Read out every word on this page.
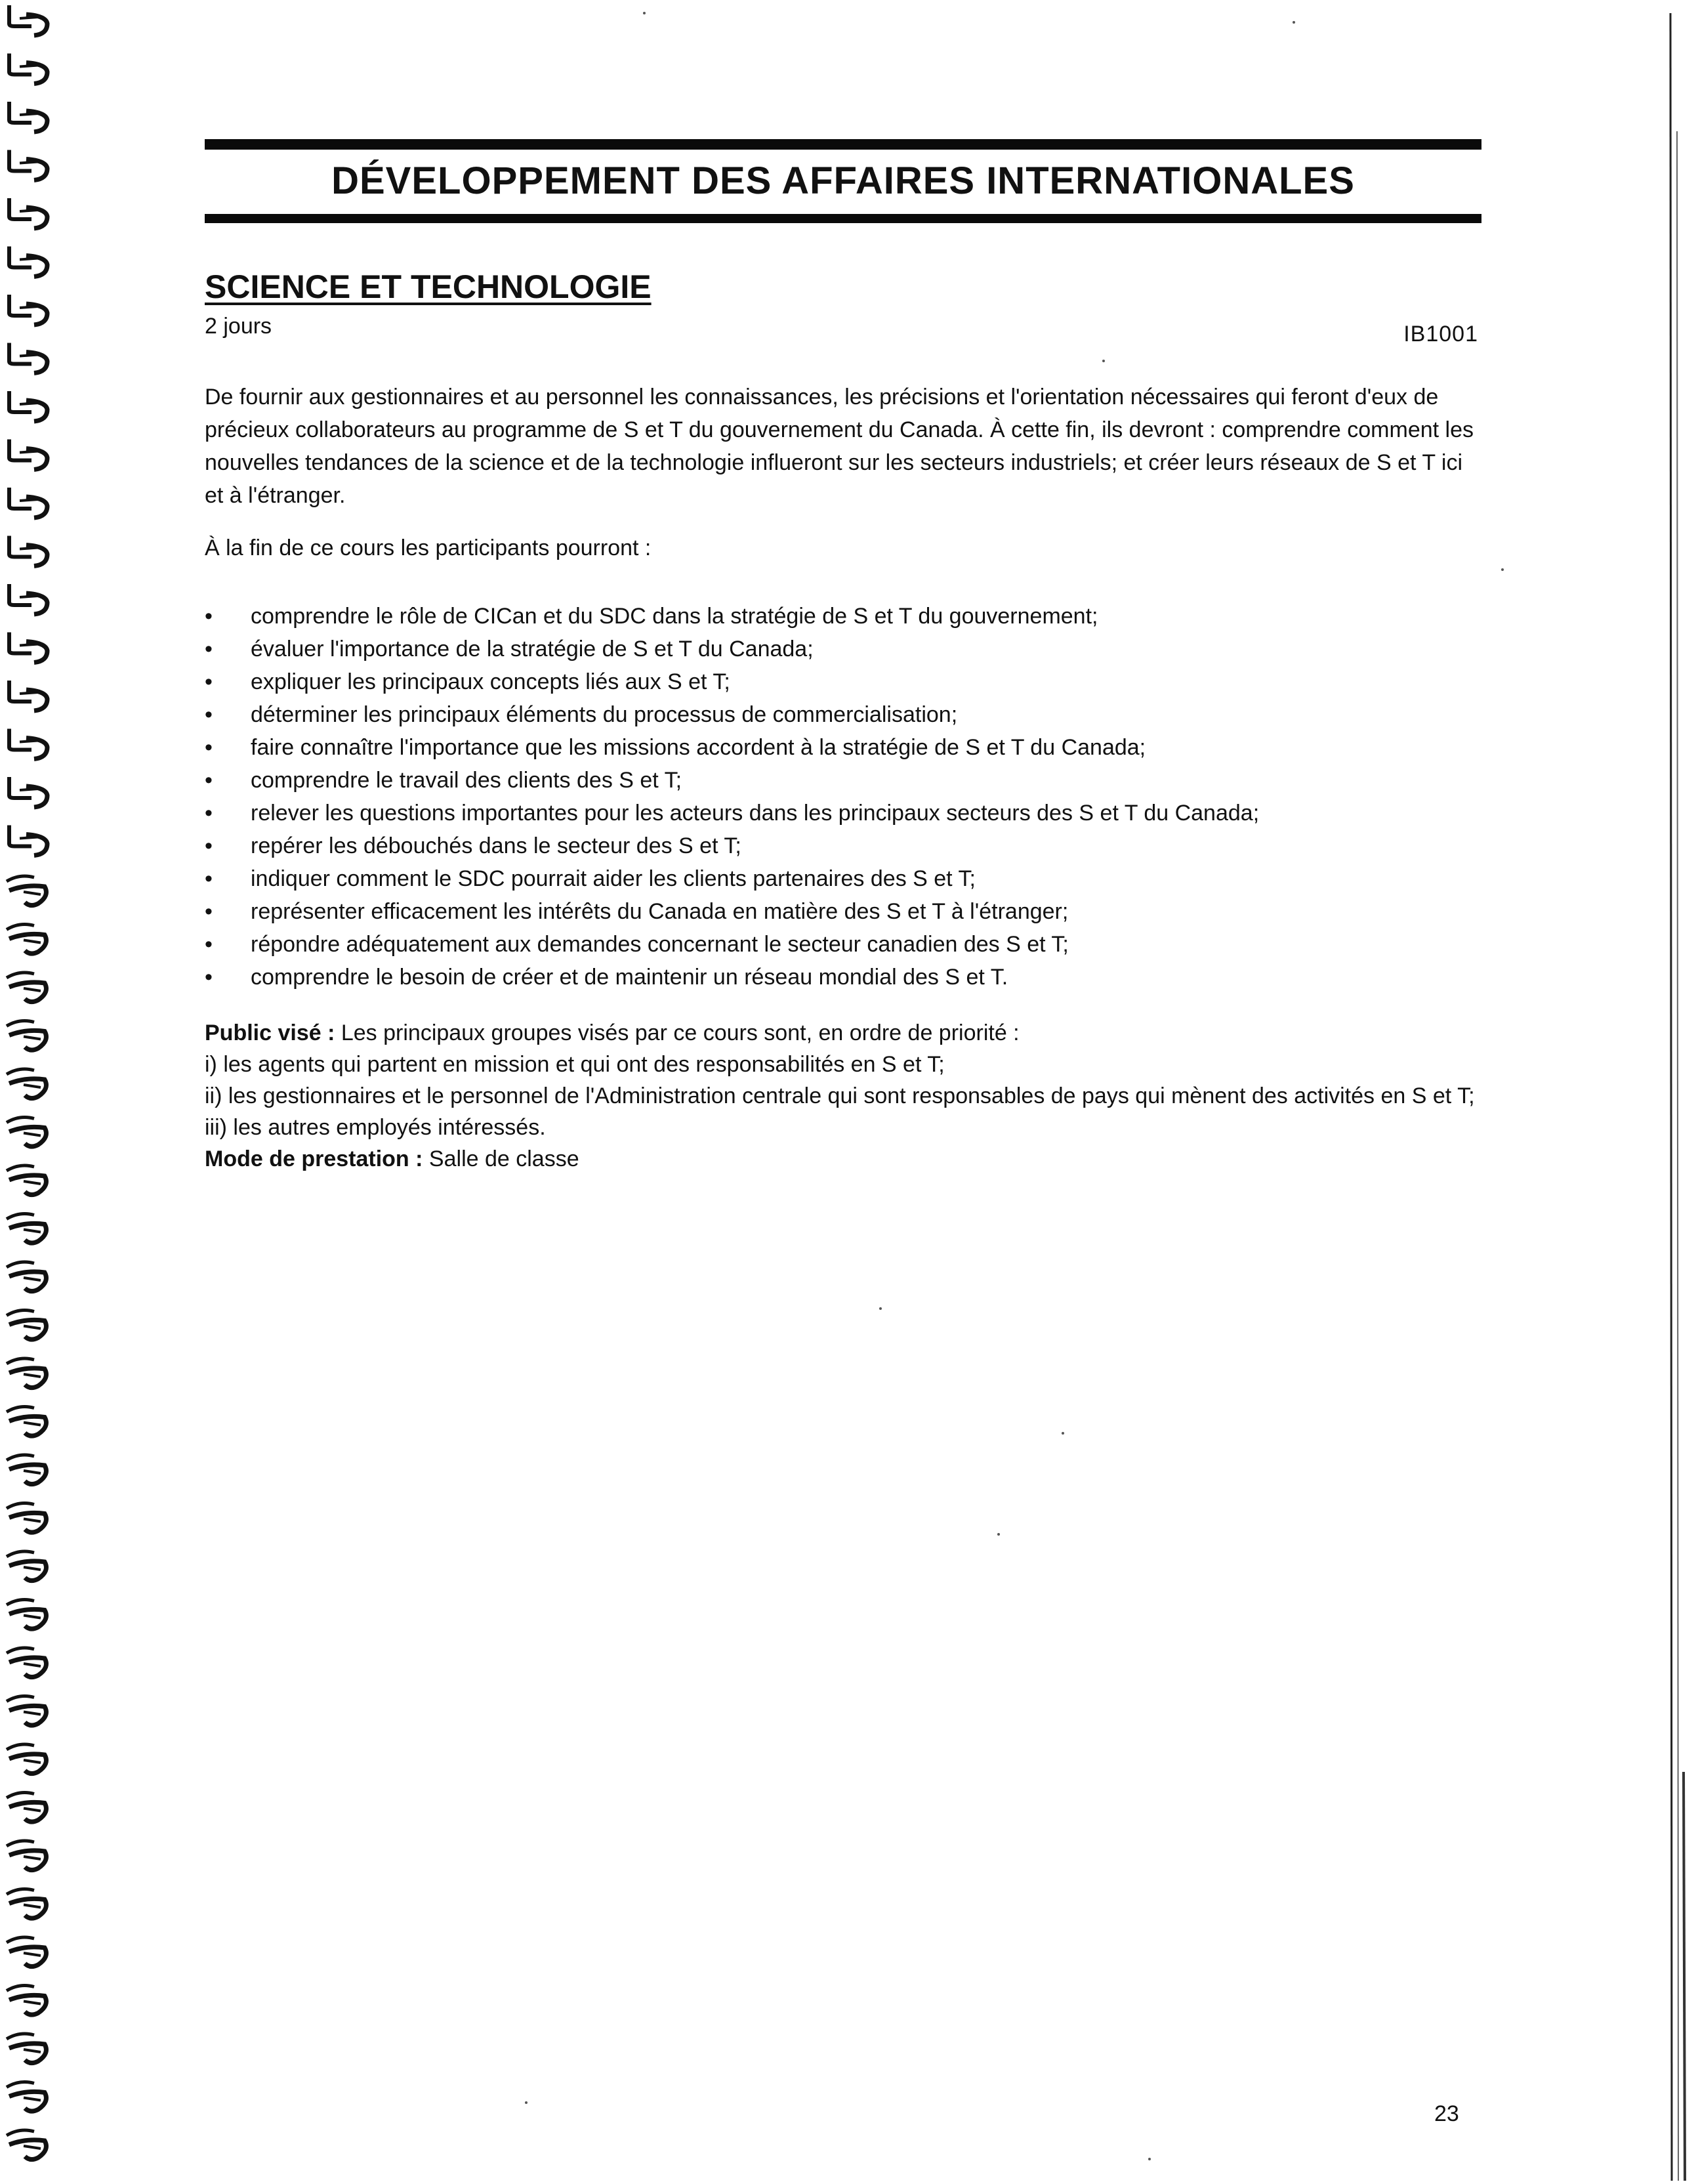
DÉVELOPPEMENT DES AFFAIRES INTERNATIONALES
SCIENCE ET TECHNOLOGIE
2 jours	IB1001

De fournir aux gestionnaires et au personnel les connaissances, les précisions et l'orientation nécessaires qui feront d'eux de précieux collaborateurs au programme de S et T du gouvernement du Canada. À cette fin, ils devront : comprendre comment les nouvelles tendances de la science et de la technologie influeront sur les secteurs industriels; et créer leurs réseaux de S et T ici et à l'étranger.

À la fin de ce cours les participants pourront :

• comprendre le rôle de CICan et du SDC dans la stratégie de S et T du gouvernement;
• évaluer l'importance de la stratégie de S et T du Canada;
• expliquer les principaux concepts liés aux S et T;
• déterminer les principaux éléments du processus de commercialisation;
• faire connaître l'importance que les missions accordent à la stratégie de S et T du Canada;
• comprendre le travail des clients des S et T;
• relever les questions importantes pour les acteurs dans les principaux secteurs des S et T du Canada;
• repérer les débouchés dans le secteur des S et T;
• indiquer comment le SDC pourrait aider les clients partenaires des S et T;
• représenter efficacement les intérêts du Canada en matière des S et T à l'étranger;
• répondre adéquatement aux demandes concernant le secteur canadien des S et T;
• comprendre le besoin de créer et de maintenir un réseau mondial des S et T.
Public visé : Les principaux groupes visés par ce cours sont, en ordre de priorité :
i) les agents qui partent en mission et qui ont des responsabilités en S et T;
ii) les gestionnaires et le personnel de l'Administration centrale qui sont responsables de pays qui mènent des activités en S et T;
iii) les autres employés intéressés.
Mode de prestation : Salle de classe
23
